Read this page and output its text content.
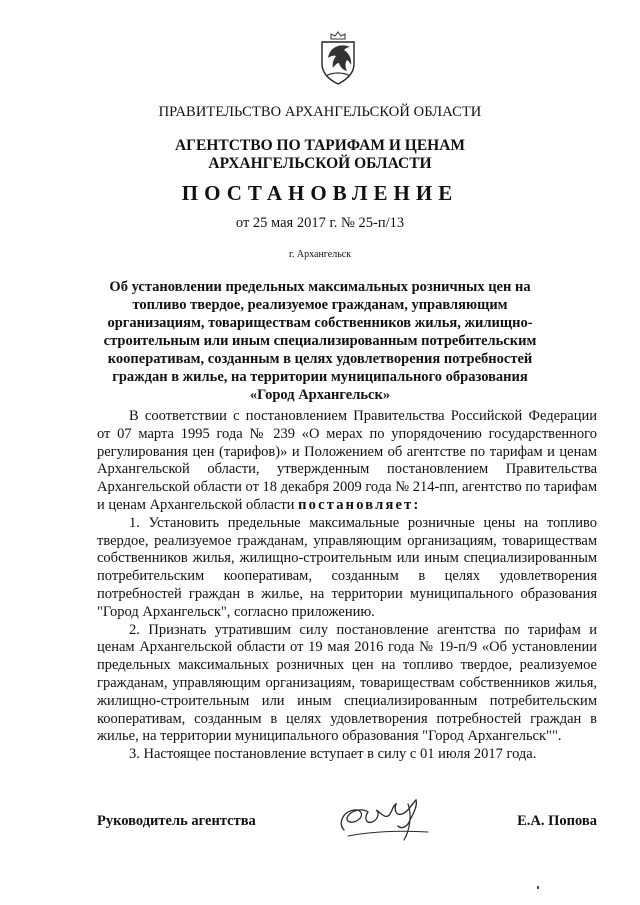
ПРАВИТЕЛЬСТВО АРХАНГЕЛЬСКОЙ ОБЛАСТИ
АГЕНТСТВО ПО ТАРИФАМ И ЦЕНАМ
АРХАНГЕЛЬСКОЙ ОБЛАСТИ
ПОСТАНОВЛЕНИЕ
от 25 мая 2017 г. № 25-п/13
г. Архангельск
Об установлении предельных максимальных розничных цен на топливо твердое, реализуемое гражданам, управляющим организациям, товариществам собственников жилья, жилищно-строительным или иным специализированным потребительским кооперативам, созданным в целях удовлетворения потребностей граждан в жилье, на территории муниципального образования «Город Архангельск»

В соответствии с постановлением Правительства Российской Федерации от 07 марта 1995 года № 239 «О мерах по упорядочению государственного регулирования цен (тарифов)» и Положением об агентстве по тарифам и ценам Архангельской области, утвержденным постановлением Правительства Архангельской области от 18 декабря 2009 года № 214-пп, агентство по тарифам и ценам Архангельской области постановляет:

1. Установить предельные максимальные розничные цены на топливо твердое, реализуемое гражданам, управляющим организациям, товариществам собственников жилья, жилищно-строительным или иным специализированным потребительским кооперативам, созданным в целях удовлетворения потребностей граждан в жилье, на территории муниципального образования "Город Архангельск", согласно приложению.

2. Признать утратившим силу постановление агентства по тарифам и ценам Архангельской области от 19 мая 2016 года № 19-п/9 «Об установлении предельных максимальных розничных цен на топливо твердое, реализуемое гражданам, управляющим организациям, товариществам собственников жилья, жилищно-строительным или иным специализированным потребительским кооперативам, созданным в целях удовлетворения потребностей граждан в жилье, на территории муниципального образования "Город Архангельск"".

3. Настоящее постановление вступает в силу с 01 июля 2017 года.

Руководитель агентства	Е.А. Попова
